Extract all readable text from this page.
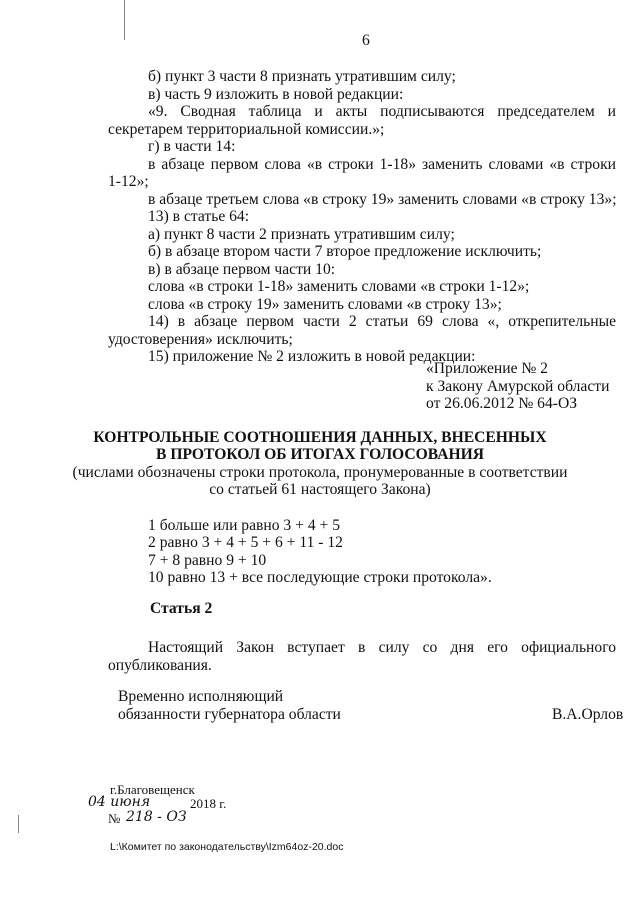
6

б) пункт 3 части 8 признать утратившим силу;

в) часть 9 изложить в новой редакции:

«9. Сводная таблица и акты подписываются председателем и

секретарем территориальной комиссии.»;

г) в части 14:

в абзаце первом слова «в строки 1-18» заменить словами «в строки

1-12»;

в абзаце третьем слова «в строку 19» заменить словами «в строку 13»;

13) в статье 64:

а) пункт 8 части 2 признать утратившим силу;

б) в абзаце втором части 7 второе предложение исключить;

в) в абзаце первом части 10:

слова «в строки 1-18» заменить словами «в строки 1-12»;

слова «в строку 19» заменить словами «в строку 13»;

14) в абзаце первом части 2 статьи 69 слова «, открепительные

удостоверения» исключить;

15) приложение № 2 изложить в новой редакции:

«Приложение № 2
к Закону Амурской области
от 26.06.2012 № 64-ОЗ
КОНТРОЛЬНЫЕ СООТНОШЕНИЯ ДАННЫХ, ВНЕСЕННЫХ
В ПРОТОКОЛ ОБ ИТОГАХ ГОЛОСОВАНИЯ
(числами обозначены строки протокола, пронумерованные в соответствии
со статьей 61 настоящего Закона)
1 больше или равно 3 + 4 + 5
2 равно 3 + 4 + 5 + 6 + 11 - 12
7 + 8 равно 9 + 10
10 равно 13 + все последующие строки протокола».
Статья 2

Настоящий Закон вступает в силу со дня его официального

опубликования.

Временно исполняющий
обязанности губернатора области	В.А.Орлов
г.Благовещенск
04 июня	2018 г.
№ 218 - ОЗ
L:\Комитет по законодательству\Izm64oz-20.doc
